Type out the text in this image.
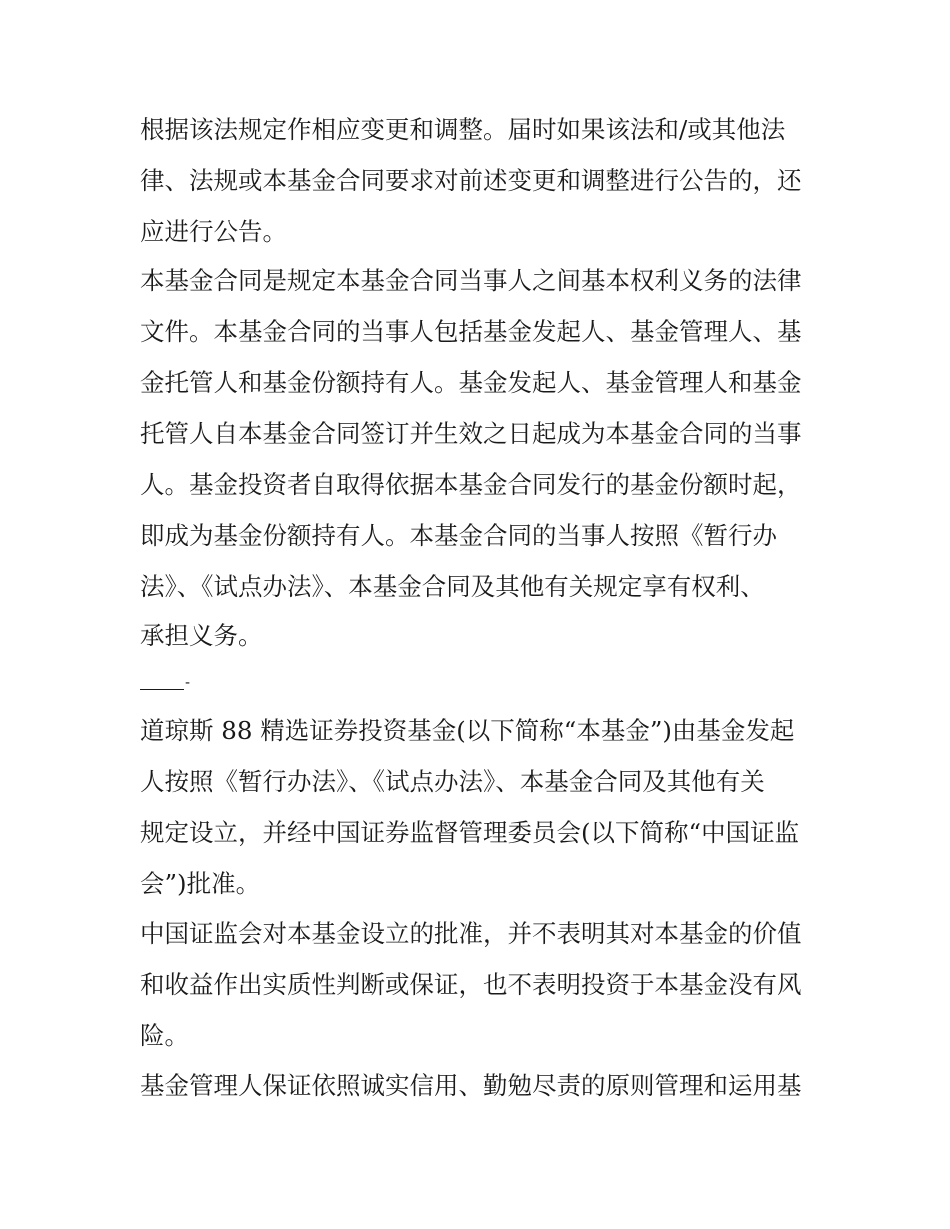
根据该法规定作相应变更和调整。届时如果该法和/或其他法
律、法规或本基金合同要求对前述变更和调整进行公告的，还
应进行公告。
本基金合同是规定本基金合同当事人之间基本权利义务的法律
文件。本基金合同的当事人包括基金发起人、基金管理人、基
金托管人和基金份额持有人。基金发起人、基金管理人和基金
托管人自本基金合同签订并生效之日起成为本基金合同的当事
人。基金投资者自取得依据本基金合同发行的基金份额时起，
即成为基金份额持有人。本基金合同的当事人按照《暂行办
法》、《试点办法》、本基金合同及其他有关规定享有权利、
承担义务。
-
道琼斯 88 精选证券投资基金(以下简称“本基金”)由基金发起
人按照《暂行办法》、《试点办法》、本基金合同及其他有关
规定设立，并经中国证券监督管理委员会(以下简称“中国证监
会”)批准。
中国证监会对本基金设立的批准，并不表明其对本基金的价值
和收益作出实质性判断或保证，也不表明投资于本基金没有风
险。
基金管理人保证依照诚实信用、勤勉尽责的原则管理和运用基
